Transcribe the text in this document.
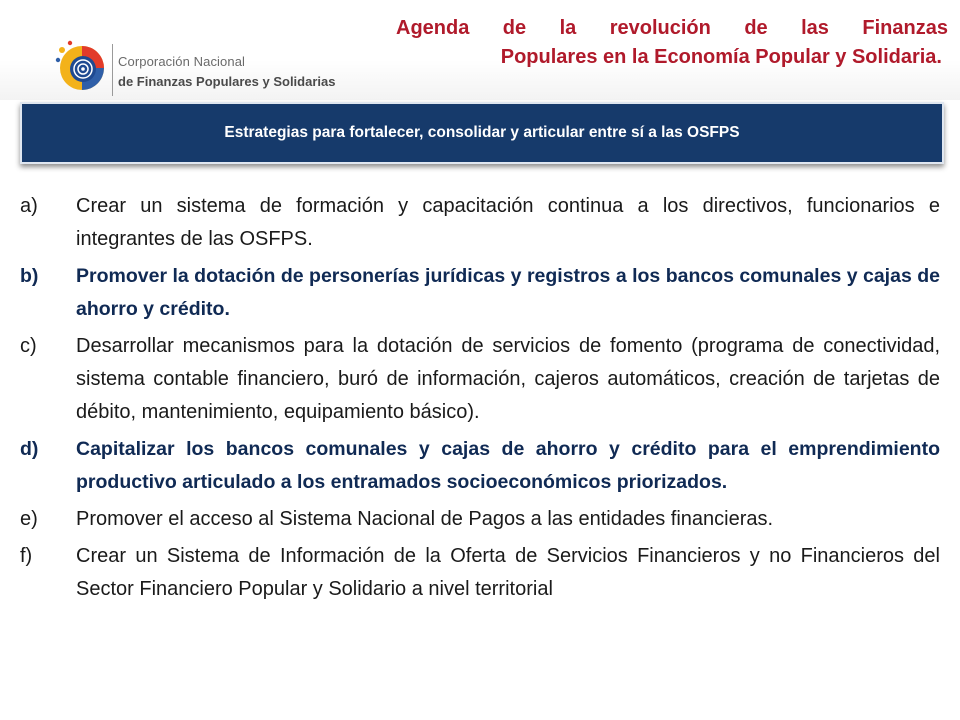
Corporación Nacional
de Finanzas Populares y Solidarias
Agenda de la revolución de las Finanzas
Populares en la Economía Popular y Solidaria.
Estrategias para fortalecer, consolidar y articular entre sí a las OSFPS
a)	Crear un sistema de formación y capacitación continua a los directivos, funcionarios e integrantes de las OSFPS.
b)	Promover la dotación de personerías jurídicas y registros a los bancos comunales y cajas de ahorro y crédito.
c)	Desarrollar mecanismos para la dotación de servicios de fomento (programa de conectividad, sistema contable financiero, buró de información, cajeros automáticos, creación de tarjetas de débito, mantenimiento, equipamiento básico).
d)	Capitalizar los bancos comunales y cajas de ahorro y crédito para el emprendimiento productivo articulado a los entramados socioeconómicos priorizados.
e)	Promover el acceso al Sistema Nacional de Pagos a las entidades financieras.
f)	Crear un Sistema de Información de la Oferta de Servicios Financieros y no Financieros del Sector Financiero Popular y Solidario a nivel territorial
